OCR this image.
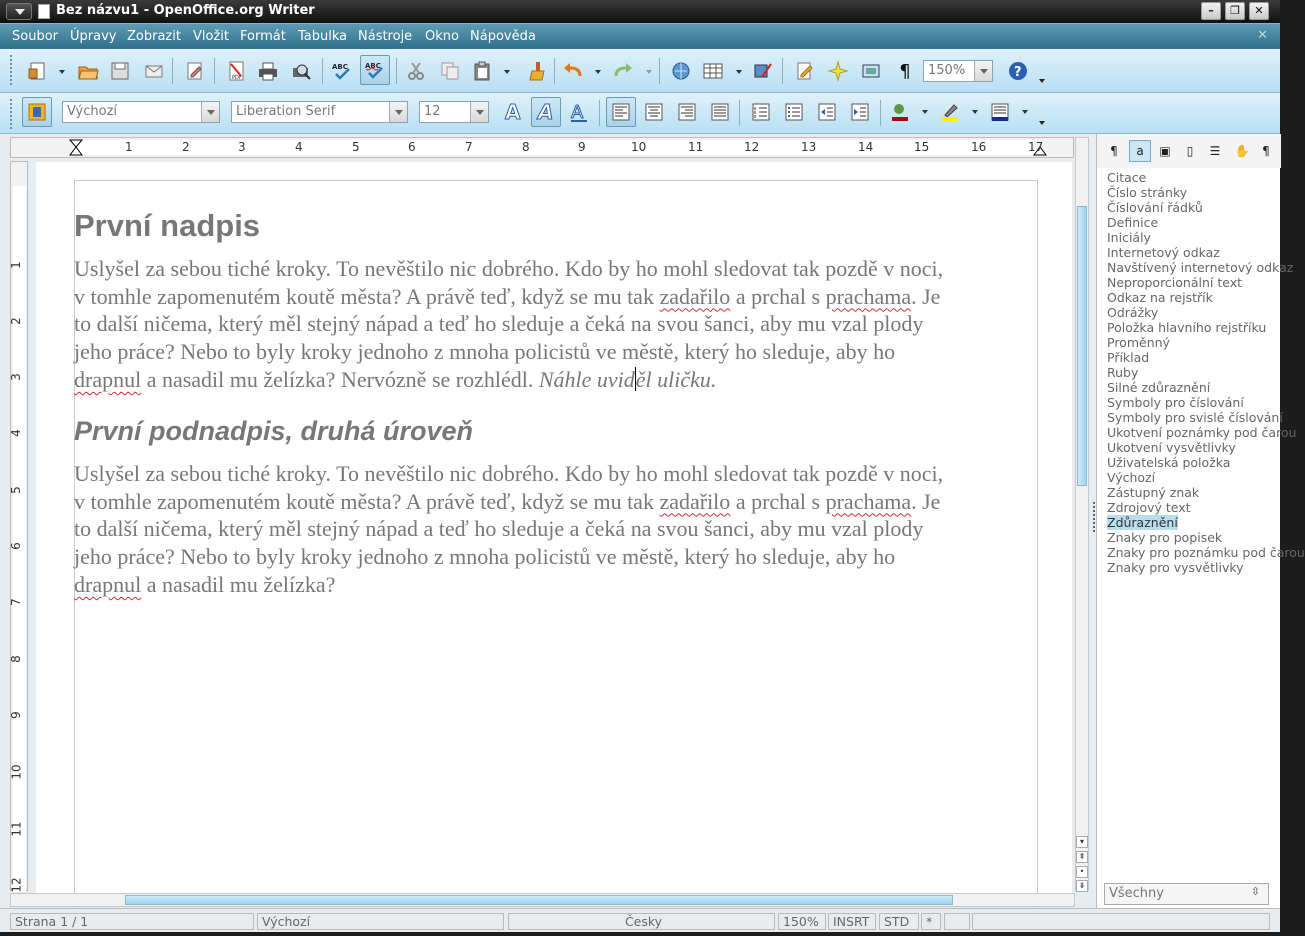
Bez názvu1 - OpenOffice.org Writer	–	❐	✕
Soubor Úpravy Zobrazit Vložit Formát Tabulka Nástroje Okno Nápověda	✕
PDF
ABC ABC	¶	150%	?
Výchozí	Liberation Serif	12	A A A
1	2	3	4	5	6	7	8	9	10	11	12	13	14	15	16	17
1
2
3
4
5
6
7
8
9
10
11
12
První nadpis
Uslyšel za sebou tiché kroky. To nevěštilo nic dobrého. Kdo by ho mohl sledovat tak pozdě v noci,
v tomhle zapomenutém koutě města? A právě teď, když se mu tak zadařilo a prchal s prachama. Je
to další ničema, který měl stejný nápad a teď ho sleduje a čeká na svou šanci, aby mu vzal plody
jeho práce? Nebo to byly kroky jednoho z mnoha policistů ve městě, který ho sleduje, aby ho
drapnul a nasadil mu želízka? Nervózně se rozhlédl. Náhle uviděl uličku.
První podnadpis, druhá úroveň
Uslyšel za sebou tiché kroky. To nevěštilo nic dobrého. Kdo by ho mohl sledovat tak pozdě v noci,
v tomhle zapomenutém koutě města? A právě teď, když se mu tak zadařilo a prchal s prachama. Je
to další ničema, který měl stejný nápad a teď ho sleduje a čeká na svou šanci, aby mu vzal plody
jeho práce? Nebo to byly kroky jednoho z mnoha policistů ve městě, který ho sleduje, aby ho
drapnul a nasadil mu želízka?
▾
⇞
•
⇟
¶	a	▣	▯	☰	✋	¶
Citace
Číslo stránky
Číslování řádků
Definice
Iniciály
Internetový odkaz
Navštívený internetový odkaz
Neproporcionální text
Odkaz na rejstřík
Odrážky
Položka hlavního rejstříku
Proměnný
Příklad
Ruby
Silné zdůraznění
Symboly pro číslování
Symboly pro svislé číslování
Ukotvení poznámky pod čarou
Ukotvení vysvětlivky
Uživatelská položka
Výchozí
Zástupný znak
Zdrojový text
Zdůraznění
Znaky pro popisek
Znaky pro poznámku pod čarou
Znaky pro vysvětlivky
Všechny	⇳
Strana 1 / 1	Výchozí	Česky	150%	INSRT	STD	*
